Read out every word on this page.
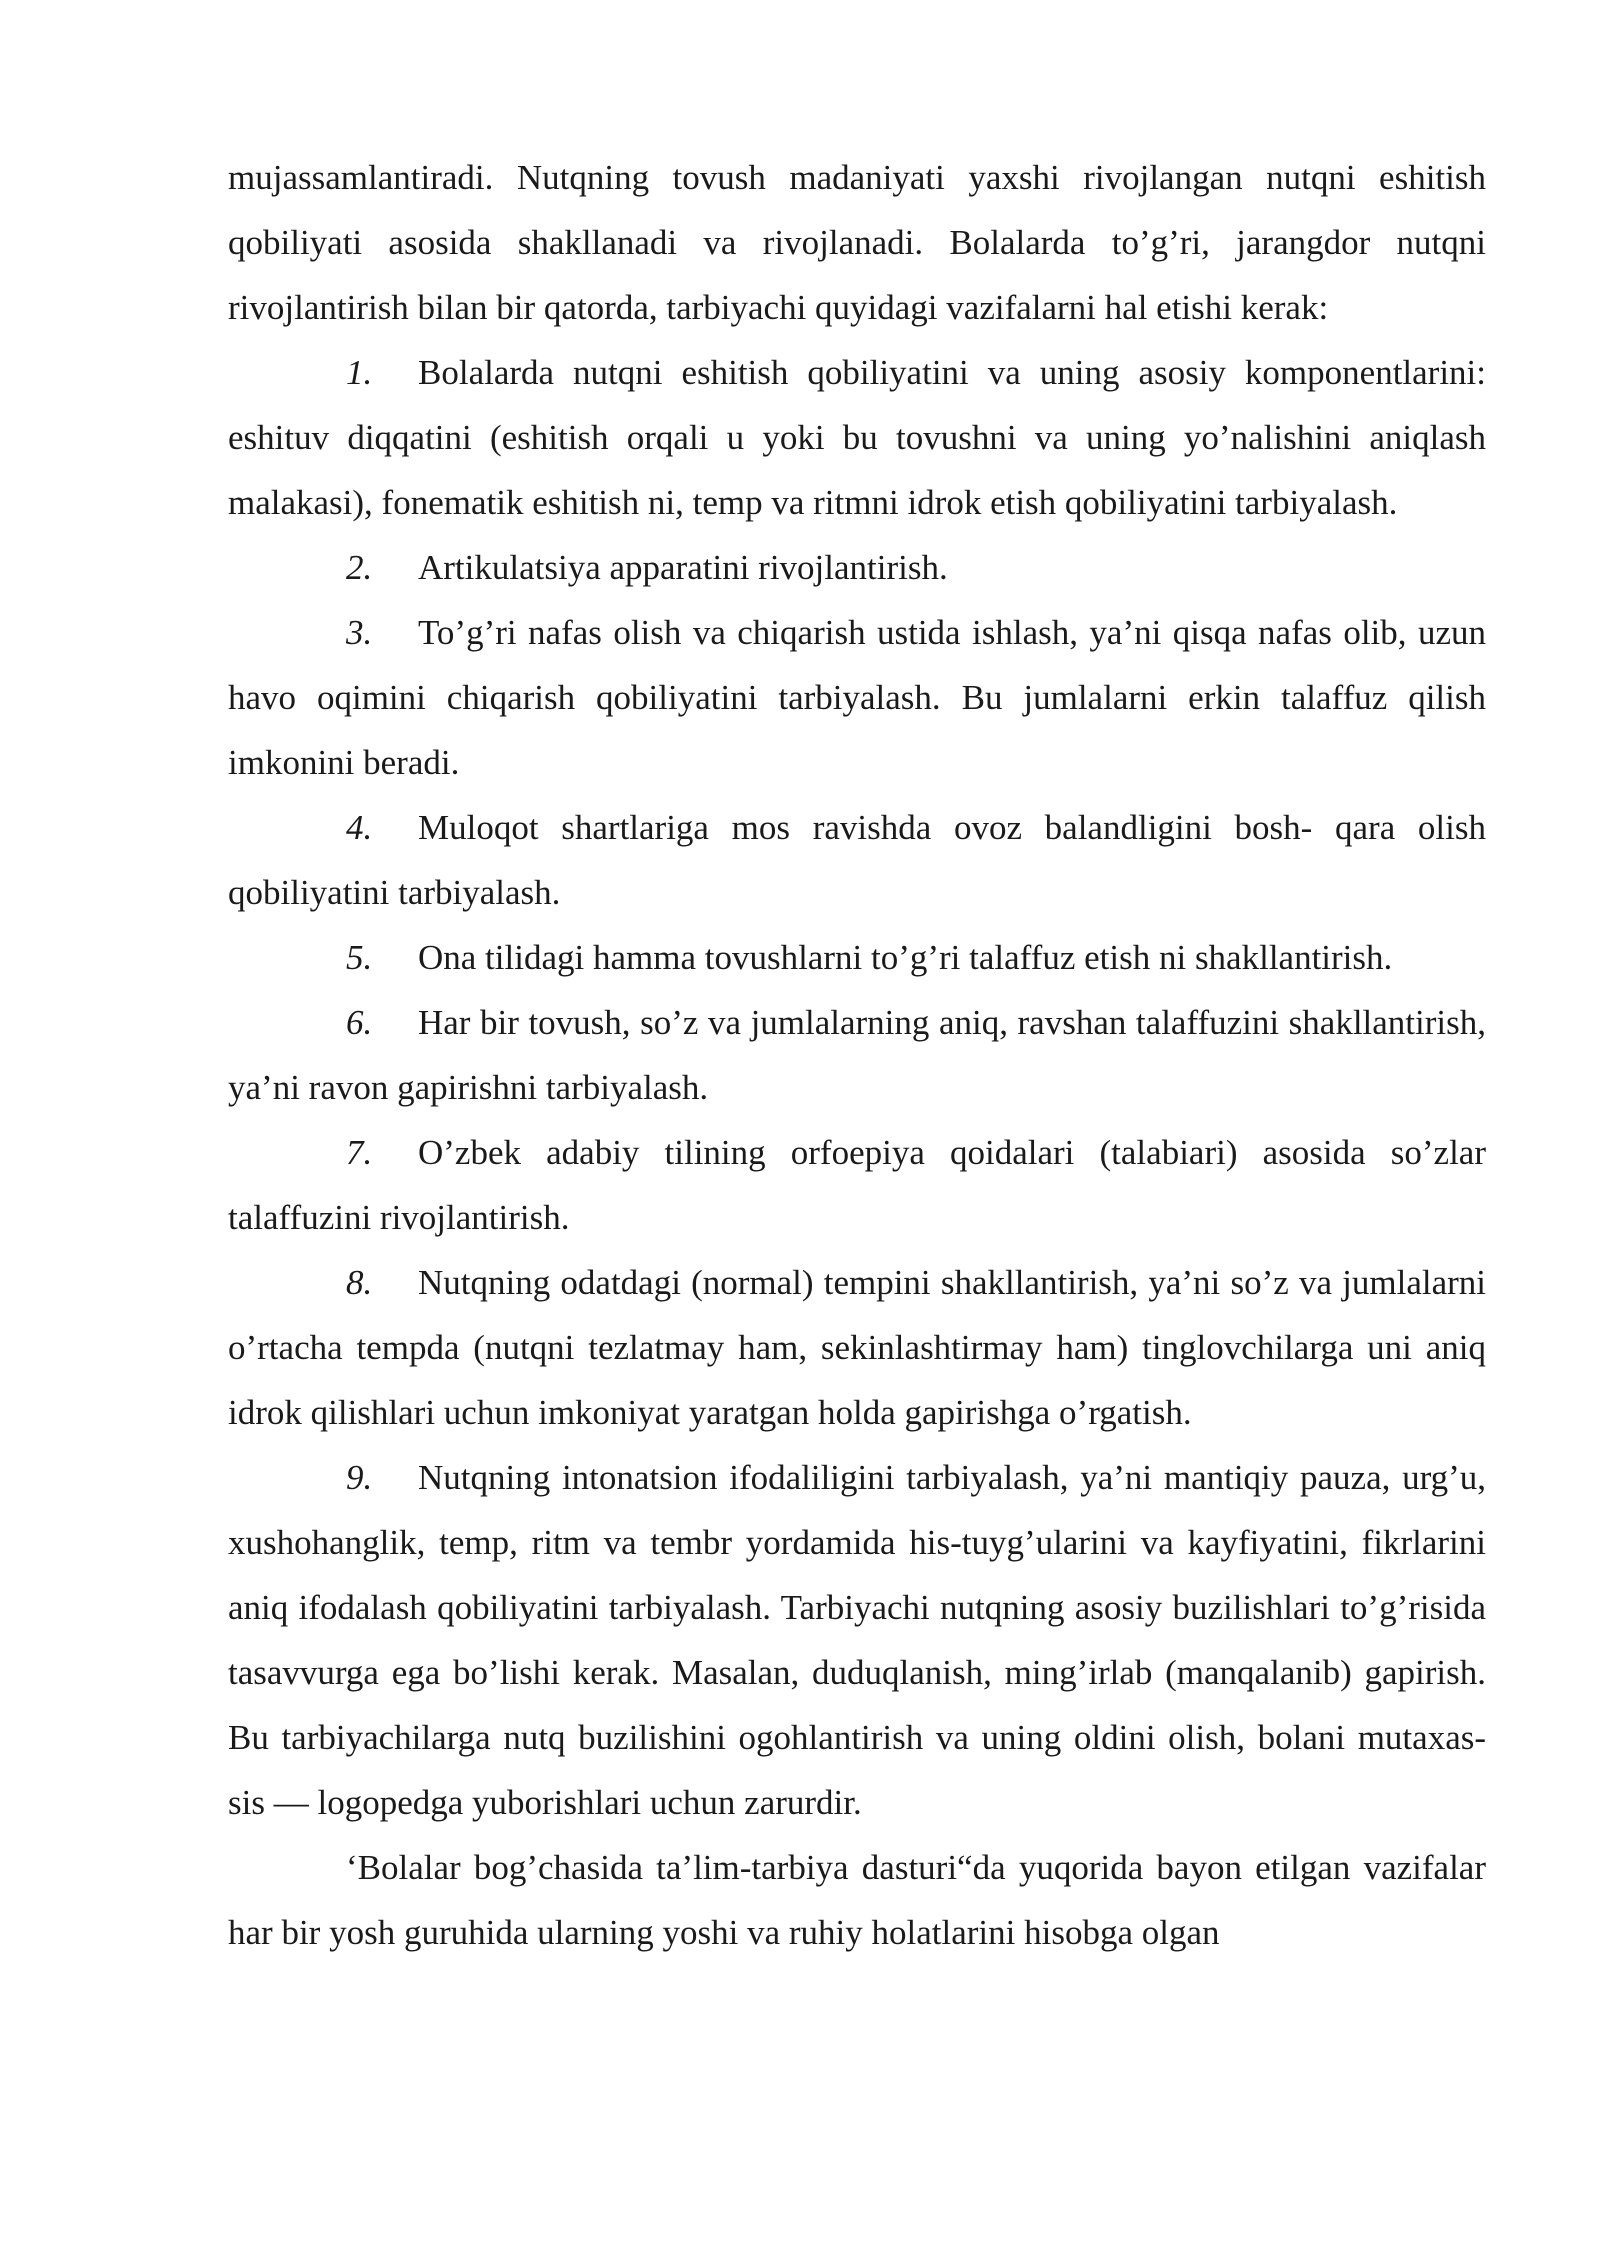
mujassamlantiradi. Nutqning tovush madaniyati yaxshi rivojlangan nutqni eshitish qobiliyati asosida shakllanadi va rivojlanadi. Bolalarda to’g’ri, jarangdor nutqni rivojlantirish bilan bir qatorda, tarbiyachi quyidagi vazifalarni hal etishi kerak:

1. Bolalarda nutqni eshitish qobiliyatini va uning asosiy komponentlarini: eshituv diqqatini (eshitish orqali u yoki bu tovushni va uning yo’nalishini aniqlash malakasi), fonematik eshitish ni, temp va ritmni idrok etish qobiliyatini tarbiyalash.

2. Artikulatsiya apparatini rivojlantirish.

3. To’g’ri nafas olish va chiqarish ustida ishlash, ya’ni qisqa nafas olib, uzun havo oqimini chiqarish qobiliyatini tarbiyalash. Bu jumlalarni erkin talaffuz qilish imkonini beradi.

4. Muloqot shartlariga mos ravishda ovoz balandligini bosh- qara olish qobiliyatini tarbiyalash.

5. Ona tilidagi hamma tovushlarni to’g’ri talaffuz etish ni shakllantirish.

6. Har bir tovush, so’z va jumlalarning aniq, ravshan talaffuzini shakllantirish, ya’ni ravon gapirishni tarbiyalash.

7. O’zbek adabiy tilining orfoepiya qoidalari (talabiari) asosida so’zlar talaffuzini rivojlantirish.

8. Nutqning odatdagi (normal) tempini shakllantirish, ya’ni so’z va jumlalarni o’rtacha tempda (nutqni tezlatmay ham, sekinlashtirmay ham) tinglovchilarga uni aniq idrok qilishlari uchun imkoniyat yaratgan holda gapirishga o’rgatish.

9. Nutqning intonatsion ifodaliligini tarbiyalash, ya’ni mantiqiy pauza, urg’u, xushohanglik, temp, ritm va tembr yordamida his-tuyg’ularini va kayfiyatini, fikrlarini aniq ifodalash qobiliyatini tarbiyalash. Tarbiyachi nutqning asosiy buzilishlari to’g’risida tasavvurga ega bo’lishi kerak. Masalan, duduqlanish, ming’irlab (manqalanib) gapirish. Bu tarbiyachilarga nutq buzilishini ogohlantirish va uning oldini olish, bolani mutaxas- sis — logopedga yuborishlari uchun zarurdir.

‘Bolalar bog’chasida ta’lim-tarbiya dasturi“da yuqorida bayon etilgan vazifalar har bir yosh guruhida ularning yoshi va ruhiy holatlarini hisobga olgan
